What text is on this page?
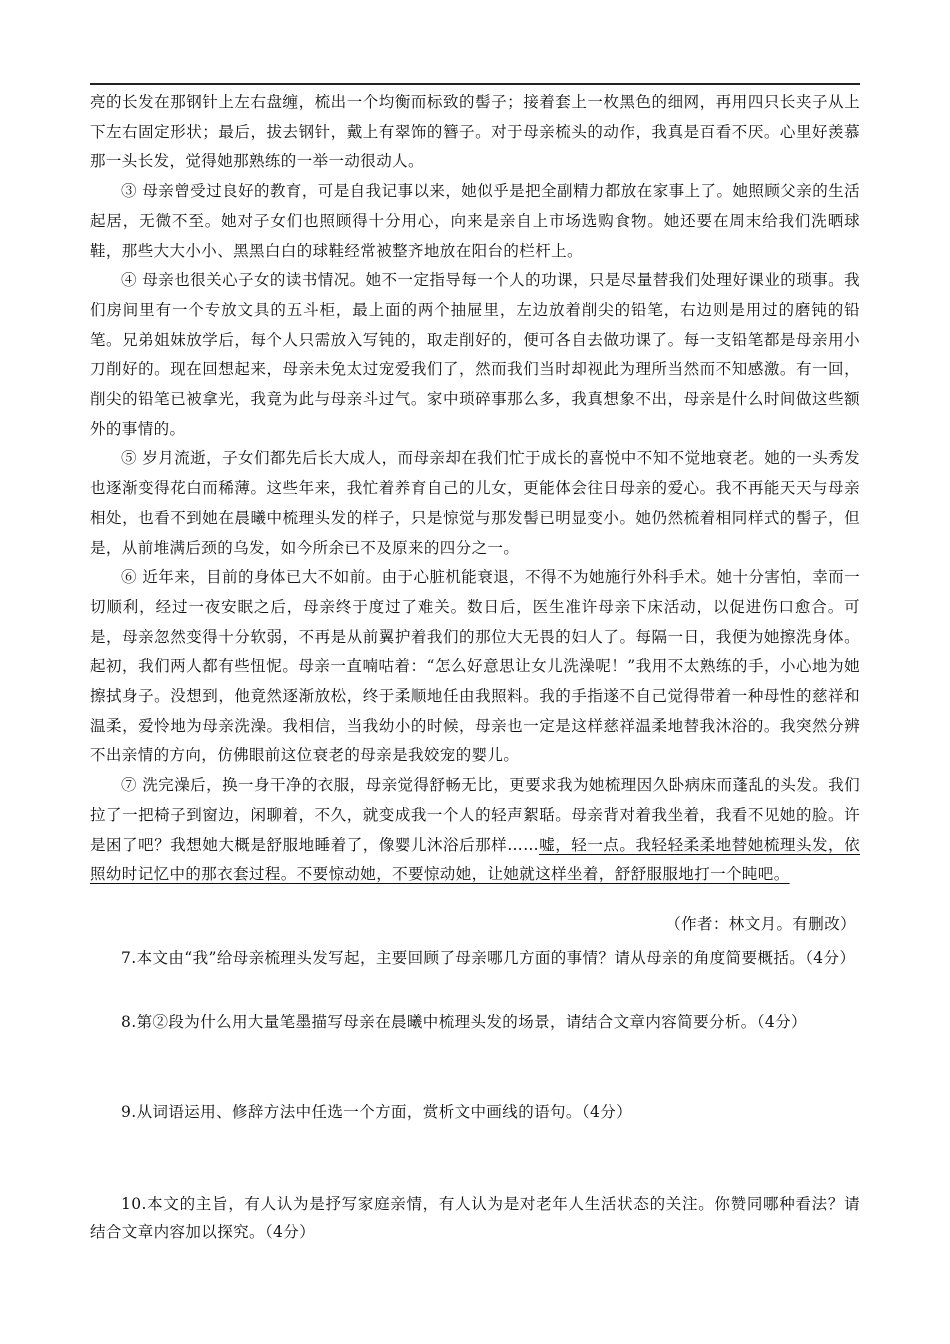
亮的长发在那钢针上左右盘缠，梳出一个均衡而标致的髻子；接着套上一枚黑色的细网，再用四只长夹子从上下左右固定形状；最后，拔去钢针，戴上有翠饰的簪子。对于母亲梳头的动作，我真是百看不厌。心里好羡慕那一头长发，觉得她那熟练的一举一动很动人。

③ 母亲曾受过良好的教育，可是自我记事以来，她似乎是把全副精力都放在家事上了。她照顾父亲的生活起居，无微不至。她对子女们也照顾得十分用心，向来是亲自上市场选购食物。她还要在周末给我们洗晒球鞋，那些大大小小、黑黑白白的球鞋经常被整齐地放在阳台的栏杆上。

④ 母亲也很关心子女的读书情况。她不一定指导每一个人的功课，只是尽量替我们处理好课业的琐事。我们房间里有一个专放文具的五斗柜，最上面的两个抽屉里，左边放着削尖的铅笔，右边则是用过的磨钝的铅笔。兄弟姐妹放学后，每个人只需放入写钝的，取走削好的，便可各自去做功课了。每一支铅笔都是母亲用小刀削好的。现在回想起来，母亲未免太过宠爱我们了，然而我们当时却视此为理所当然而不知感激。有一回，削尖的铅笔已被拿光，我竟为此与母亲斗过气。家中琐碎事那么多，我真想象不出，母亲是什么时间做这些额外的事情的。

⑤ 岁月流逝，子女们都先后长大成人，而母亲却在我们忙于成长的喜悦中不知不觉地衰老。她的一头秀发也逐渐变得花白而稀薄。这些年来，我忙着养育自己的儿女，更能体会往日母亲的爱心。我不再能天天与母亲相处，也看不到她在晨曦中梳理头发的样子，只是惊觉与那发髻已明显变小。她仍然梳着相同样式的髻子，但是，从前堆满后颈的乌发，如今所余已不及原来的四分之一。

⑥ 近年来，目前的身体已大不如前。由于心脏机能衰退，不得不为她施行外科手术。她十分害怕，幸而一切顺利，经过一夜安眠之后，母亲终于度过了难关。数日后，医生准许母亲下床活动，以促进伤口愈合。可是，母亲忽然变得十分软弱，不再是从前翼护着我们的那位大无畏的妇人了。每隔一日，我便为她擦洗身体。起初，我们两人都有些忸怩。母亲一直喃咕着：“怎么好意思让女儿洗澡呢！”我用不太熟练的手，小心地为她擦拭身子。没想到，他竟然逐渐放松，终于柔顺地任由我照料。我的手指遂不自己觉得带着一种母性的慈祥和温柔，爱怜地为母亲洗澡。我相信，当我幼小的时候，母亲也一定是这样慈祥温柔地替我沐浴的。我突然分辨不出亲情的方向，仿佛眼前这位衰老的母亲是我姣宠的婴儿。

⑦ 洗完澡后，换一身干净的衣服，母亲觉得舒畅无比，更要求我为她梳理因久卧病床而蓬乱的头发。我们拉了一把椅子到窗边，闲聊着，不久，就变成我一个人的轻声絮聒。母亲背对着我坐着，我看不见她的脸。许是困了吧？我想她大概是舒服地睡着了，像婴儿沐浴后那样……嘘，轻一点。我轻轻柔柔地替她梳理头发，依照幼时记忆中的那衣套过程。不要惊动她，不要惊动她，让她就这样坐着，舒舒服服地打一个盹吧。

（作者：林文月。有删改）

7.本文由“我”给母亲梳理头发写起，主要回顾了母亲哪几方面的事情？请从母亲的角度简要概括。（4分）

8.第②段为什么用大量笔墨描写母亲在晨曦中梳理头发的场景，请结合文章内容简要分析。（4分）

9.从词语运用、修辞方法中任选一个方面，赏析文中画线的语句。（4分）

10.本文的主旨，有人认为是抒写家庭亲情，有人认为是对老年人生活状态的关注。你赞同哪种看法？请结合文章内容加以探究。（4分）
